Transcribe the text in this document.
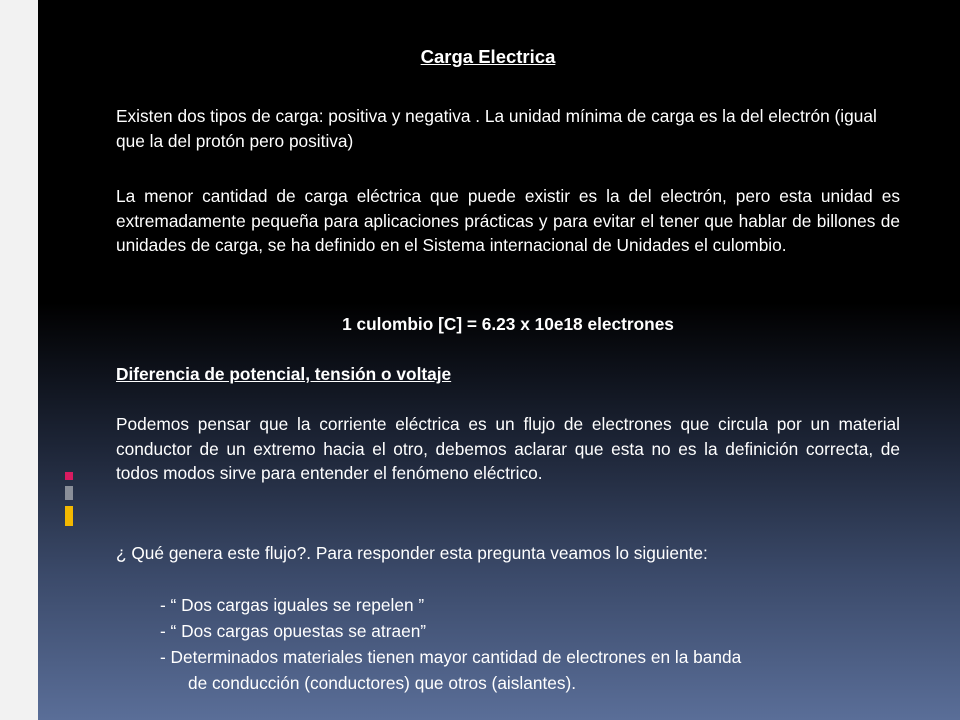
Carga Electrica

Existen dos tipos de carga: positiva y negativa . La unidad mínima de carga es la del electrón (igual que la del protón pero positiva)

La menor cantidad de carga eléctrica que puede existir es la del electrón, pero esta unidad es extremadamente pequeña para aplicaciones prácticas y para evitar el tener que hablar de billones de unidades de carga, se ha definido en el Sistema internacional de Unidades el culombio.

1 culombio [C] = 6.23 x 10e18 electrones

Diferencia de potencial, tensión o voltaje

Podemos pensar que la corriente eléctrica es un flujo de electrones que circula por un material conductor de un extremo hacia el otro, debemos aclarar que esta no es la definición correcta, de todos modos sirve para entender el fenómeno eléctrico.

¿ Qué genera este flujo?. Para responder esta pregunta veamos lo siguiente:

- “ Dos cargas iguales se repelen ”
- “ Dos cargas opuestas se atraen”
- Determinados materiales tienen mayor cantidad de electrones en la banda
de conducción (conductores) que otros (aislantes).
